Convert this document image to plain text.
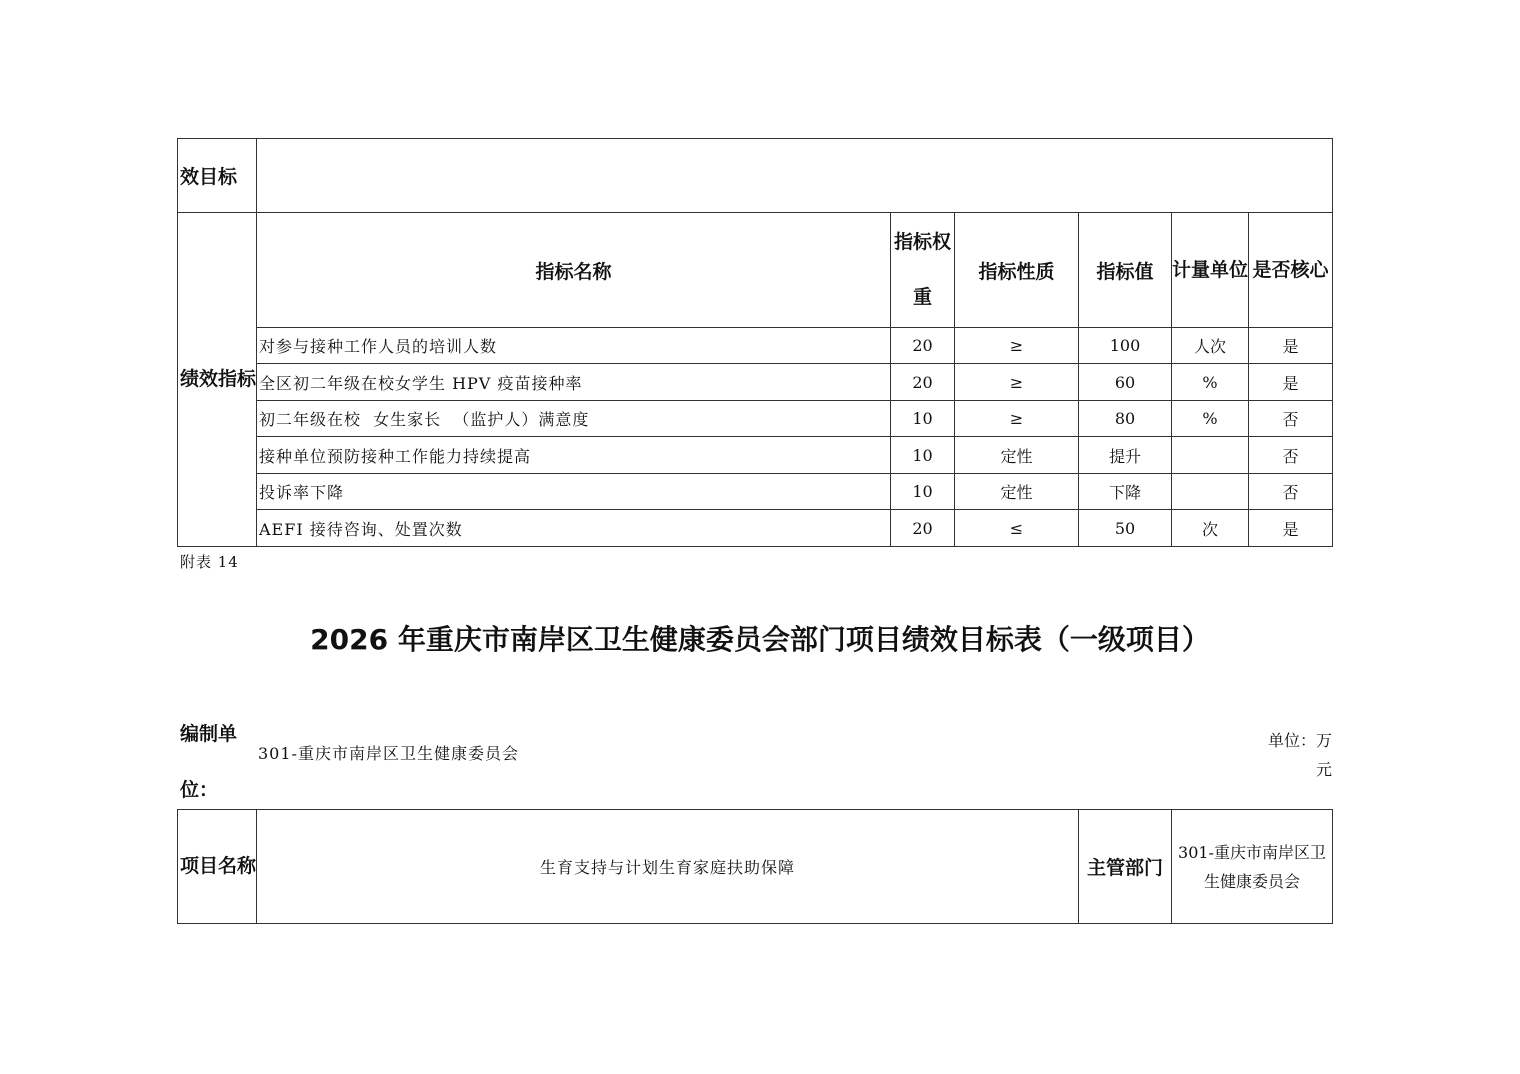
效目标						
绩效指标	指标名称	指标权重	指标性质	指标值	计量单位	是否核心
	对参与接种工作人员的培训人数	20	≥	100	人次	是
	全区初二年级在校女学生 HPV 疫苗接种率	20	≥	60	%	是
	初二年级在校  女生家长  （监护人）满意度	10	≥	80	%	否
	接种单位预防接种工作能力持续提高	10	定性	提升		否
	投诉率下降	10	定性	下降		否
	AEFI 接待咨询、处置次数	20	≤	50	次	是
附表 14
2026 年重庆市南岸区卫生健康委员会部门项目绩效目标表（一级项目）
编制单位：
301-重庆市南岸区卫生健康委员会
单位：万元
项目名称	生育支持与计划生育家庭扶助保障	主管部门	301-重庆市南岸区卫生健康委员会
